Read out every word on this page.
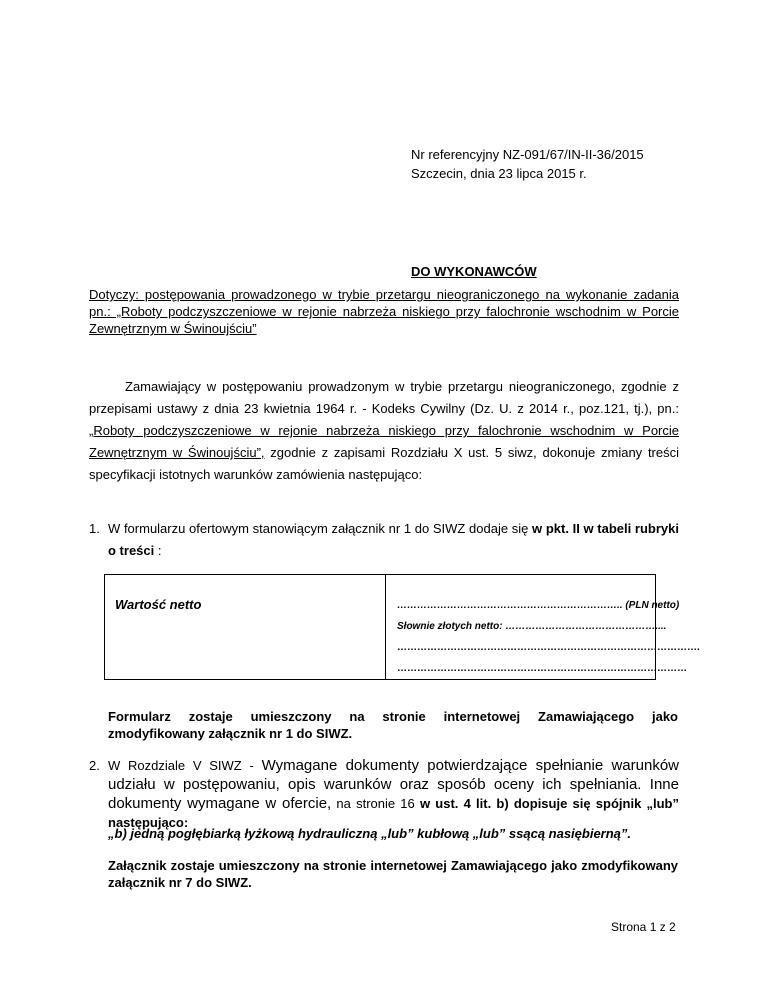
Nr referencyjny NZ-091/67/IN-II-36/2015
Szczecin, dnia 23 lipca 2015 r.
DO WYKONAWCÓW
Dotyczy: postępowania prowadzonego w trybie przetargu nieograniczonego na wykonanie zadania pn.: „Roboty podczyszczeniowe w rejonie nabrzeża niskiego przy falochronie wschodnim w Porcie Zewnętrznym w Świnoujściu”
Zamawiający w postępowaniu prowadzonym w trybie przetargu nieograniczonego, zgodnie z przepisami ustawy z dnia 23 kwietnia 1964 r. - Kodeks Cywilny (Dz. U. z 2014 r., poz.121, tj.), pn.: „Roboty podczyszczeniowe w rejonie nabrzeża niskiego przy falochronie wschodnim w Porcie Zewnętrznym w Świnoujściu”, zgodnie z zapisami Rozdziału X ust. 5 siwz, dokonuje zmiany treści specyfikacji istotnych warunków zamówienia następująco:
1. W formularzu ofertowym stanowiącym załącznik nr 1 do SIWZ dodaje się w pkt. II w tabeli rubryki o treści :
Wartość netto	………………………………………………………….. (PLN netto)
Słownie złotych netto: ………………………………………....
……………………………………………………………………………….
……………………………………………………………………………
Formularz zostaje umieszczony na stronie internetowej Zamawiającego jako zmodyfikowany załącznik nr 1 do SIWZ.
2. W Rozdziale V SIWZ - Wymagane dokumenty potwierdzające spełnianie warunków udziału w postępowaniu, opis warunków oraz sposób oceny ich spełniania. Inne dokumenty wymagane w ofercie, na stronie 16 w ust. 4 lit. b) dopisuje się spójnik „lub” następująco:
„b) jedną pogłębiarką łyżkową hydrauliczną „lub” kubłową „lub” ssącą nasiębierną”.
Załącznik zostaje umieszczony na stronie internetowej Zamawiającego jako zmodyfikowany załącznik nr 7 do SIWZ.
Strona 1 z 2
